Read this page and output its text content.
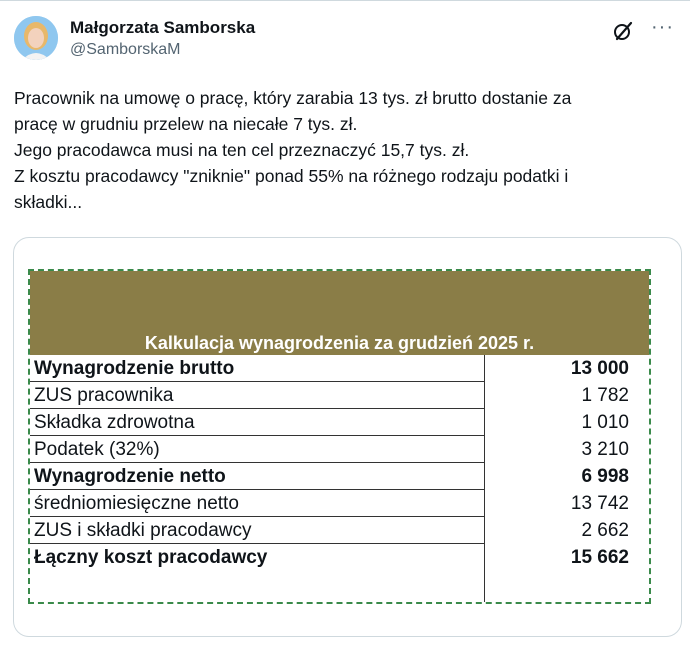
Małgorzata Samborska
@SamborskaM
···
Pracownik na umowę o pracę, który zarabia 13 tys. zł brutto dostanie za
pracę w grudniu przelew na niecałe 7 tys. zł.
Jego pracodawca musi na ten cel przeznaczyć 15,7 tys. zł.
Z kosztu pracodawcy "zniknie" ponad 55% na różnego rodzaju podatki i
składki...
Kalkulacja wynagrodzenia za grudzień 2025 r.
Wynagrodzenie brutto	13 000
ZUS pracownika	1 782
Składka zdrowotna	1 010
Podatek (32%)	3 210
Wynagrodzenie netto	6 998
średniomiesięczne netto	13 742
ZUS i składki pracodawcy	2 662
Łączny koszt pracodawcy	15 662
